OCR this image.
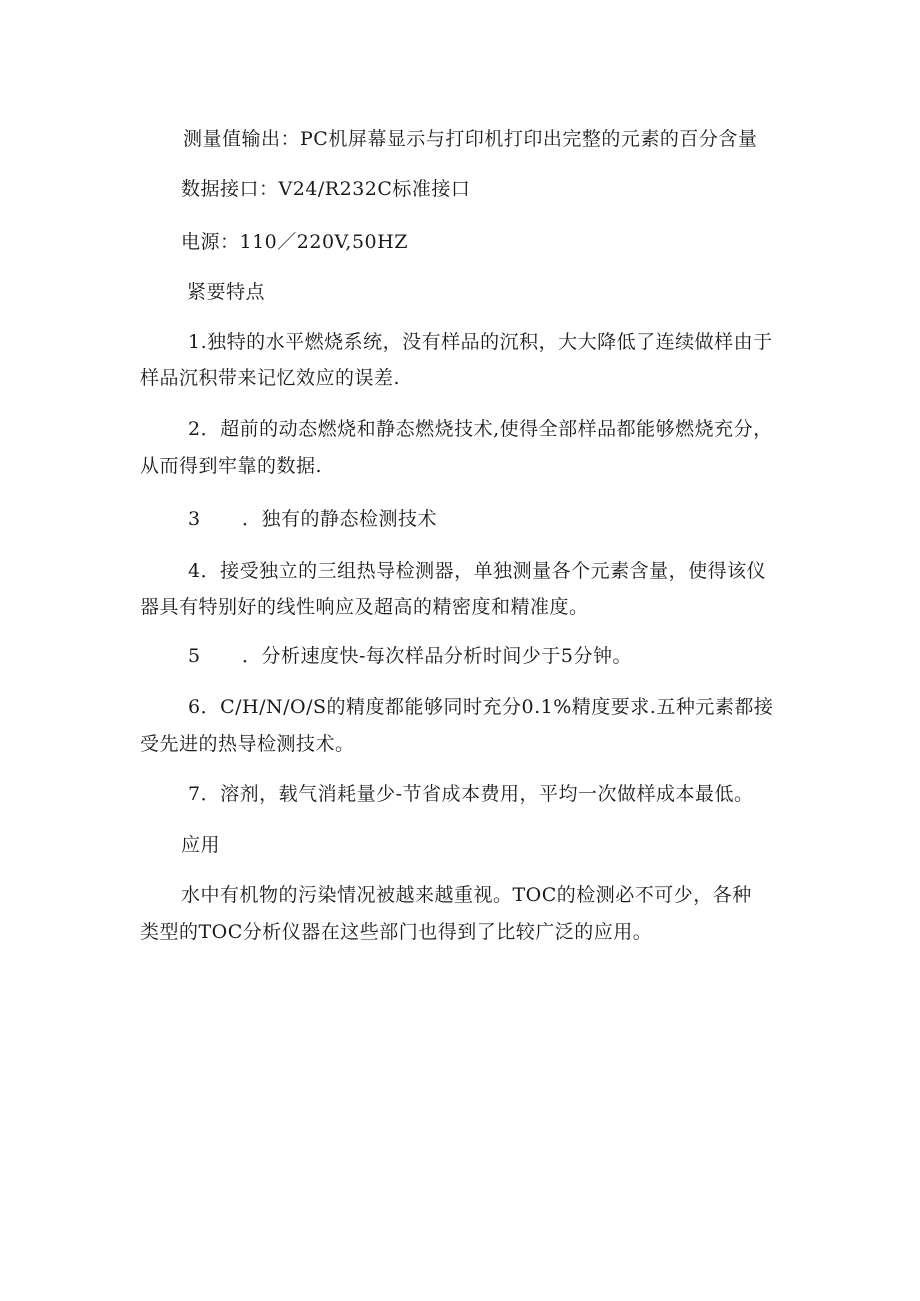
测量值输出：PC机屏幕显示与打印机打印出完整的元素的百分含量
数据接口：V24/R232C标准接口
电源：110／220V,50HZ
紧要特点
1.独特的水平燃烧系统，没有样品的沉积，大大降低了连续做样由于
样品沉积带来记忆效应的误差.
2．超前的动态燃烧和静态燃烧技术,使得全部样品都能够燃烧充分，
从而得到牢靠的数据.
3 ．独有的静态检测技术
4．接受独立的三组热导检测器，单独测量各个元素含量，使得该仪
器具有特别好的线性响应及超高的精密度和精准度。
5 ．分析速度快-每次样品分析时间少于5分钟。
6．C/H/N/O/S的精度都能够同时充分0.1%精度要求.五种元素都接
受先进的热导检测技术。
7．溶剂，载气消耗量少-节省成本费用，平均一次做样成本最低。
应用
水中有机物的污染情况被越来越重视。TOC的检测必不可少，各种
类型的TOC分析仪器在这些部门也得到了比较广泛的应用。
